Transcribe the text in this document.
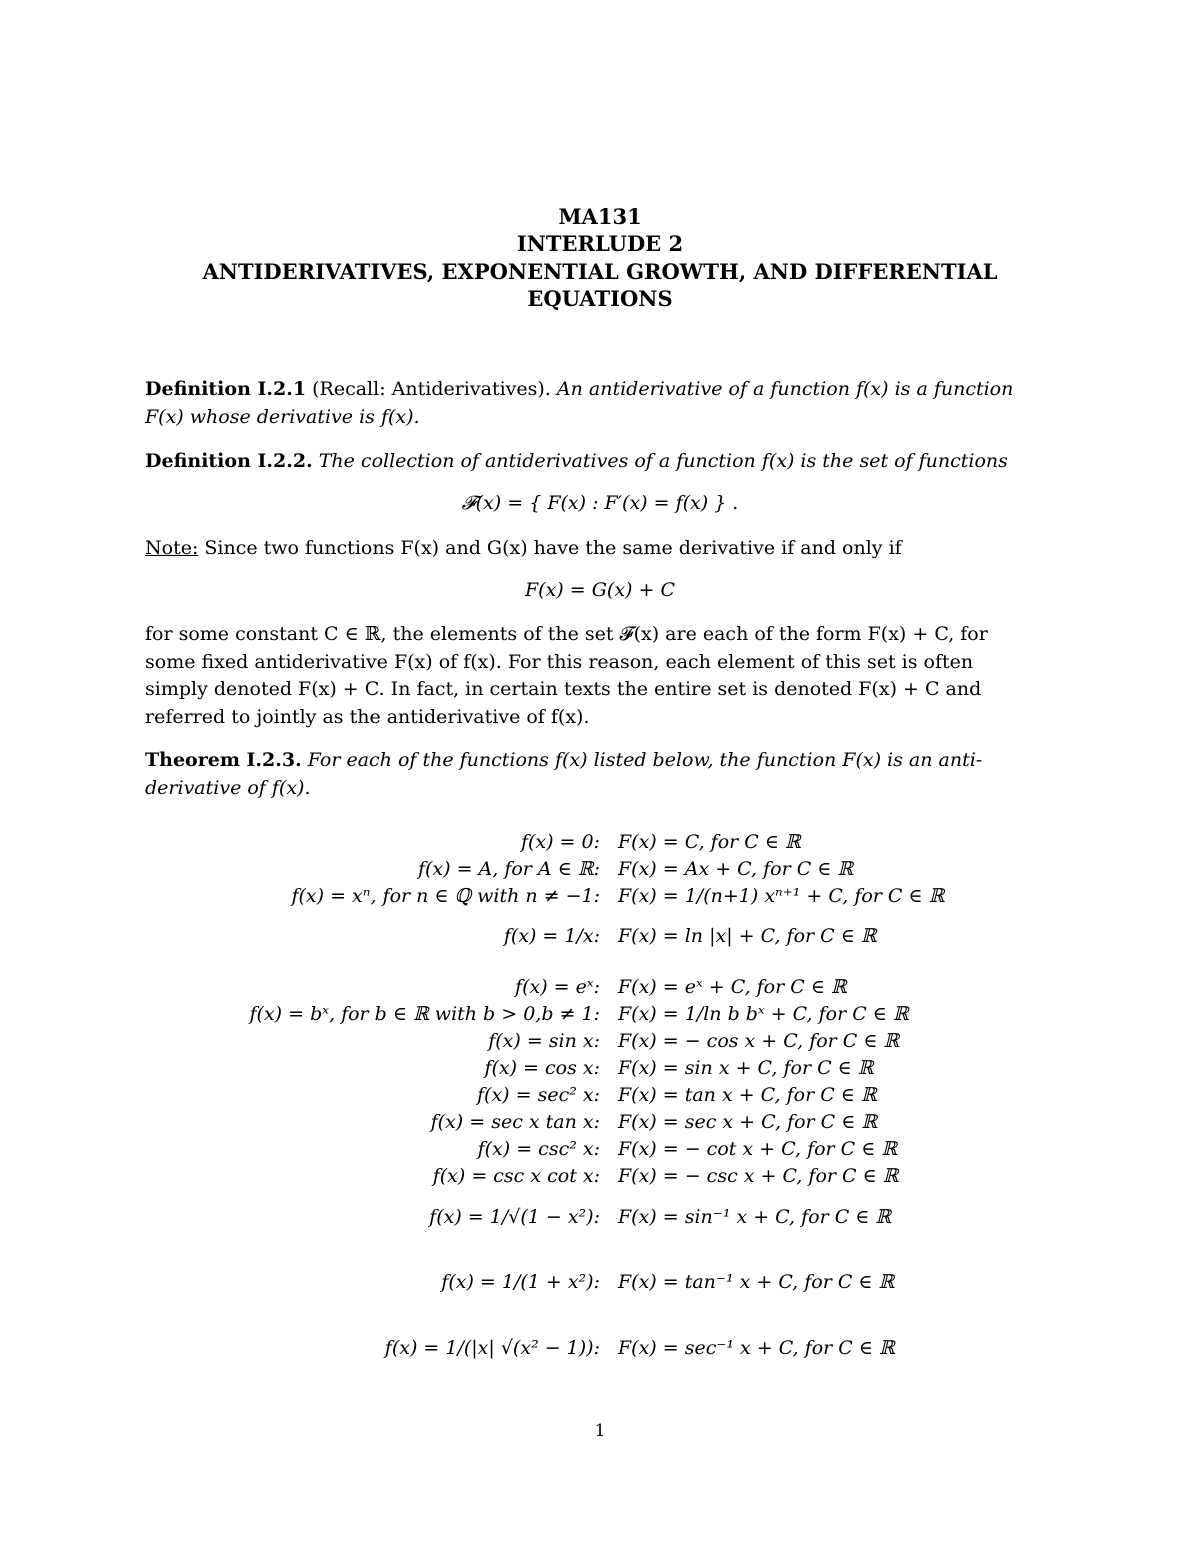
MA131
INTERLUDE 2
ANTIDERIVATIVES, EXPONENTIAL GROWTH, AND DIFFERENTIAL
EQUATIONS
Definition I.2.1 (Recall: Antiderivatives). An antiderivative of a function f(x) is a function
F(x) whose derivative is f(x).
Definition I.2.2. The collection of antiderivatives of a function f(x) is the set of functions
𝓕(x) = { F(x) : F′(x) = f(x) } .
Note: Since two functions F(x) and G(x) have the same derivative if and only if
F(x) = G(x) + C
for some constant C ∈ ℝ, the elements of the set 𝓕(x) are each of the form F(x) + C, for
some fixed antiderivative F(x) of f(x). For this reason, each element of this set is often
simply denoted F(x) + C. In fact, in certain texts the entire set is denoted F(x) + C and
referred to jointly as the antiderivative of f(x).
Theorem I.2.3. For each of the functions f(x) listed below, the function F(x) is an anti-
derivative of f(x).
f(x) = 0: F(x) = C, for C ∈ ℝ
f(x) = A, for A ∈ ℝ: F(x) = Ax + C, for C ∈ ℝ
f(x) = xⁿ, for n ∈ ℚ with n ≠ −1: F(x) = 1/(n+1) xⁿ⁺¹ + C, for C ∈ ℝ
f(x) = 1/x: F(x) = ln |x| + C, for C ∈ ℝ
f(x) = eˣ: F(x) = eˣ + C, for C ∈ ℝ
f(x) = bˣ, for b ∈ ℝ with b > 0,b ≠ 1: F(x) = 1/ln b bˣ + C, for C ∈ ℝ
f(x) = sin x: F(x) = − cos x + C, for C ∈ ℝ
f(x) = cos x: F(x) = sin x + C, for C ∈ ℝ
f(x) = sec² x: F(x) = tan x + C, for C ∈ ℝ
f(x) = sec x tan x: F(x) = sec x + C, for C ∈ ℝ
f(x) = csc² x: F(x) = − cot x + C, for C ∈ ℝ
f(x) = csc x cot x: F(x) = − csc x + C, for C ∈ ℝ
f(x) = 1/√(1 − x²): F(x) = sin⁻¹ x + C, for C ∈ ℝ
f(x) = 1/(1 + x²): F(x) = tan⁻¹ x + C, for C ∈ ℝ
f(x) = 1/(|x| √(x² − 1)): F(x) = sec⁻¹ x + C, for C ∈ ℝ
1
